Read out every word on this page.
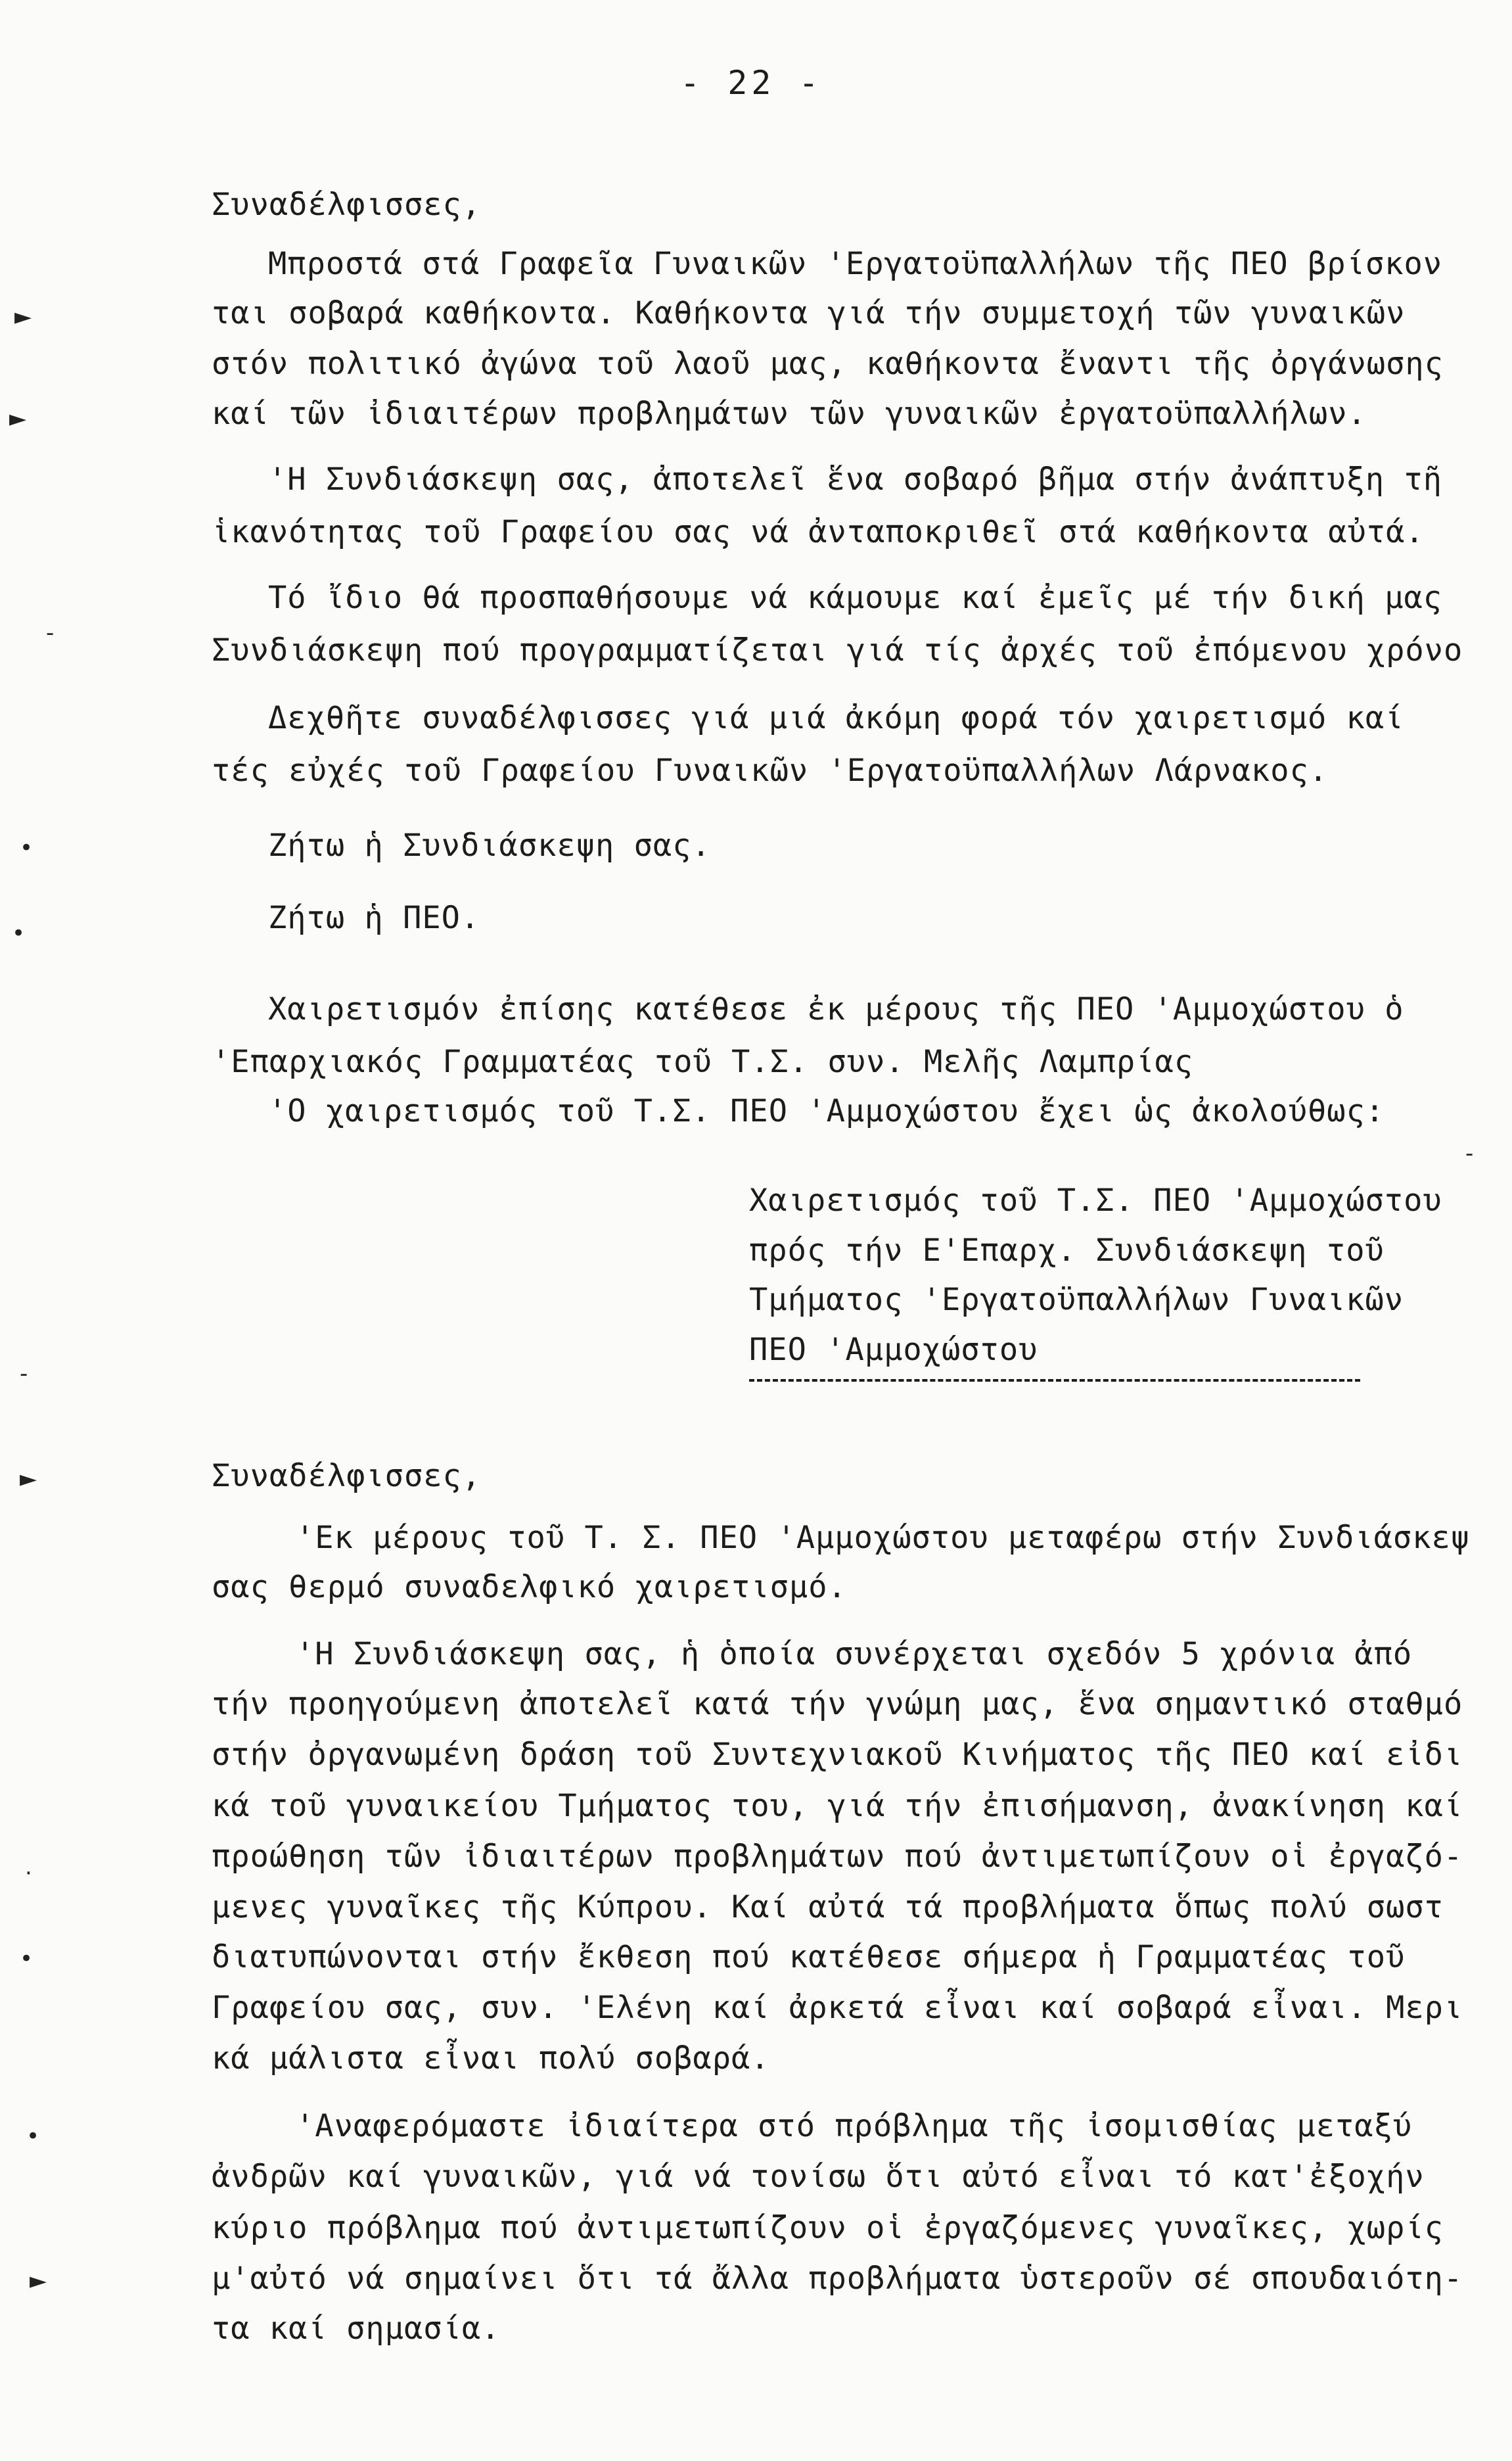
- 22 -
Συναδέλφισσες,
Μπροστά στά Γραφεῖα Γυναικῶν 'Εργατοϋπαλλήλων τῆς ΠΕΟ βρίσκον
ται σοβαρά καθήκοντα. Καθήκοντα γιά τήν συμμετοχή τῶν γυναικῶν
στόν πολιτικό ἀγώνα τοῦ λαοῦ μας, καθήκοντα ἔναντι τῆς ὀργάνωσης
καί τῶν ἰδιαιτέρων προβλημάτων τῶν γυναικῶν ἐργατοϋπαλλήλων.
'Η Συνδιάσκεψη σας, ἀποτελεῖ ἕνα σοβαρό βῆμα στήν ἀνάπτυξη τῆ
ἱκανότητας τοῦ Γραφείου σας νά ἀνταποκριθεῖ στά καθήκοντα αὐτά.
Τό ἴδιο θά προσπαθήσουμε νά κάμουμε καί ἐμεῖς μέ τήν δική μας
Συνδιάσκεψη πού προγραμματίζεται γιά τίς ἀρχές τοῦ ἐπόμενου χρόνο
Δεχθῆτε συναδέλφισσες γιά μιά ἀκόμη φορά τόν χαιρετισμό καί
τές εὐχές τοῦ Γραφείου Γυναικῶν 'Εργατοϋπαλλήλων Λάρνακος.
Ζήτω ἡ Συνδιάσκεψη σας.
Ζήτω ἡ ΠΕΟ.
Χαιρετισμόν ἐπίσης κατέθεσε ἐκ μέρους τῆς ΠΕΟ 'Αμμοχώστου ὁ
'Επαρχιακός Γραμματέας τοῦ Τ.Σ. συν. Μελῆς Λαμπρίας
'Ο χαιρετισμός τοῦ Τ.Σ. ΠΕΟ 'Αμμοχώστου ἔχει ὡς ἀκολούθως:
Χαιρετισμός τοῦ Τ.Σ. ΠΕΟ 'Αμμοχώστου
πρός τήν Ε'Επαρχ. Συνδιάσκεψη τοῦ
Τμήματος 'Εργατοϋπαλλήλων Γυναικῶν
ΠΕΟ 'Αμμοχώστου
Συναδέλφισσες,
'Εκ μέρους τοῦ Τ. Σ. ΠΕΟ 'Αμμοχώστου μεταφέρω στήν Συνδιάσκεψ
σας θερμό συναδελφικό χαιρετισμό.
'Η Συνδιάσκεψη σας, ἡ ὁποία συνέρχεται σχεδόν 5 χρόνια ἀπό
τήν προηγούμενη ἀποτελεῖ κατά τήν γνώμη μας, ἕνα σημαντικό σταθμό
στήν ὀργανωμένη δράση τοῦ Συντεχνιακοῦ Κινήματος τῆς ΠΕΟ καί εἰδι
κά τοῦ γυναικείου Τμήματος του, γιά τήν ἐπισήμανση, ἀνακίνηση καί
προώθηση τῶν ἰδιαιτέρων προβλημάτων πού ἀντιμετωπίζουν οἱ ἐργαζό-
μενες γυναῖκες τῆς Κύπρου. Καί αὐτά τά προβλήματα ὅπως πολύ σωστ
διατυπώνονται στήν ἔκθεση πού κατέθεσε σήμερα ἡ Γραμματέας τοῦ
Γραφείου σας, συν. 'Ελένη καί ἀρκετά εἶναι καί σοβαρά εἶναι. Μερι
κά μάλιστα εἶναι πολύ σοβαρά.
'Αναφερόμαστε ἰδιαίτερα στό πρόβλημα τῆς ἰσομισθίας μεταξύ
ἀνδρῶν καί γυναικῶν, γιά νά τονίσω ὅτι αὐτό εἶναι τό κατ'ἐξοχήν
κύριο πρόβλημα πού ἀντιμετωπίζουν οἱ ἐργαζόμενες γυναῖκες, χωρίς
μ'αὐτό νά σημαίνει ὅτι τά ἄλλα προβλήματα ὑστεροῦν σέ σπουδαιότη-
τα καί σημασία.
►
►
-
•
•
-
-
►
·
•
•
►
